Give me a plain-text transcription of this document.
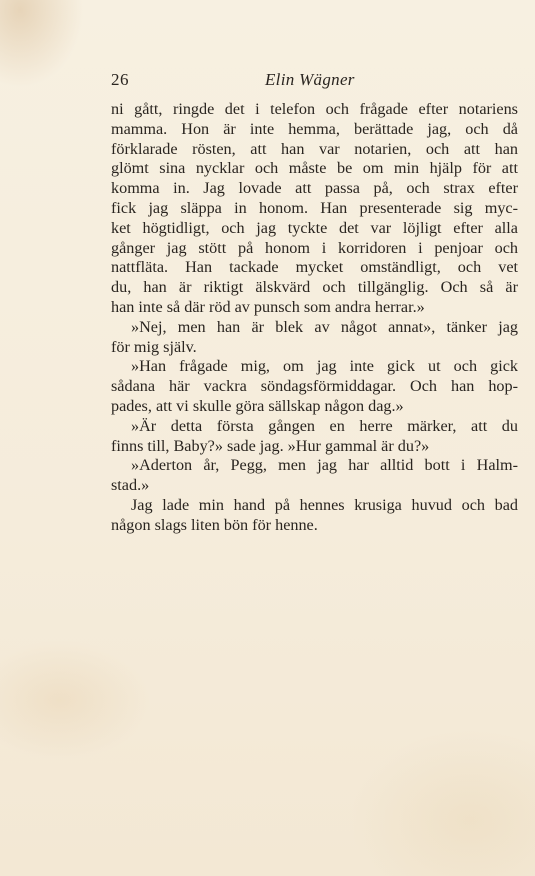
26	Elin Wägner

ni gått, ringde det i telefon och frågade efter notariens
mamma. Hon är inte hemma, berättade jag, och då
förklarade rösten, att han var notarien, och att han
glömt sina nycklar och måste be om min hjälp för att
komma in. Jag lovade att passa på, och strax efter
fick jag släppa in honom. Han presenterade sig myc-
ket högtidligt, och jag tyckte det var löjligt efter alla
gånger jag stött på honom i korridoren i penjoar och
nattfläta. Han tackade mycket omständligt, och vet
du, han är riktigt älskvärd och tillgänglig. Och så är
han inte så där röd av punsch som andra herrar.»

»Nej, men han är blek av något annat», tänker jag
för mig själv.

»Han frågade mig, om jag inte gick ut och gick
sådana här vackra söndagsförmiddagar. Och han hop-
pades, att vi skulle göra sällskap någon dag.»

»Är detta första gången en herre märker, att du
finns till, Baby?» sade jag. »Hur gammal är du?»

»Aderton år, Pegg, men jag har alltid bott i Halm-
stad.»

Jag lade min hand på hennes krusiga huvud och bad
någon slags liten bön för henne.
